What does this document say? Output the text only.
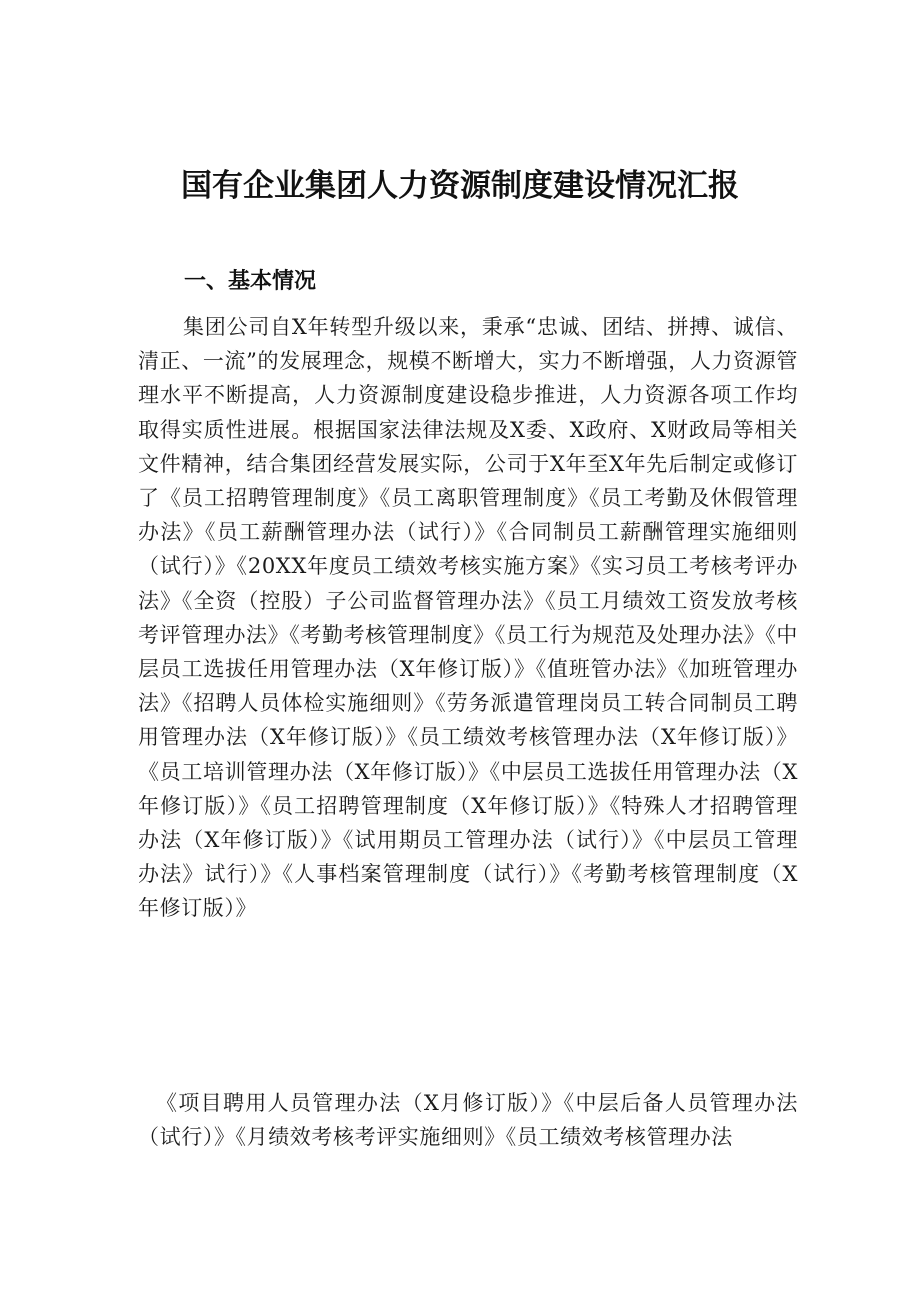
国有企业集团人力资源制度建设情况汇报
一、基本情况
集团公司自X年转型升级以来，秉承“忠诚、团结、拼搏、诚信、清正、一流”的发展理念，规模不断增大，实力不断增强，人力资源管理水平不断提高，人力资源制度建设稳步推进，人力资源各项工作均取得实质性进展。根据国家法律法规及X委、X政府、X财政局等相关文件精神，结合集团经营发展实际，公司于X年至X年先后制定或修订了《员工招聘管理制度》《员工离职管理制度》《员工考勤及休假管理办法》《员工薪酬管理办法（试行）》《合同制员工薪酬管理实施细则（试行）》《20XX年度员工绩效考核实施方案》《实习员工考核考评办法》《全资（控股）子公司监督管理办法》《员工月绩效工资发放考核考评管理办法》《考勤考核管理制度》《员工行为规范及处理办法》《中层员工选拔任用管理办法（X年修订版）》《值班管办法》《加班管理办法》《招聘人员体检实施细则》《劳务派遣管理岗员工转合同制员工聘用管理办法（X年修订版）》《员工绩效考核管理办法（X年修订版）》《员工培训管理办法（X年修订版）》《中层员工选拔任用管理办法（X年修订版）》《员工招聘管理制度（X年修订版）》《特殊人才招聘管理办法（X年修订版）》《试用期员工管理办法（试行）》《中层员工管理办法》试行）》《人事档案管理制度（试行）》《考勤考核管理制度（X年修订版）》
《项目聘用人员管理办法（X月修订版）》《中层后备人员管理办法（试行）》《月绩效考核考评实施细则》《员工绩效考核管理办法
